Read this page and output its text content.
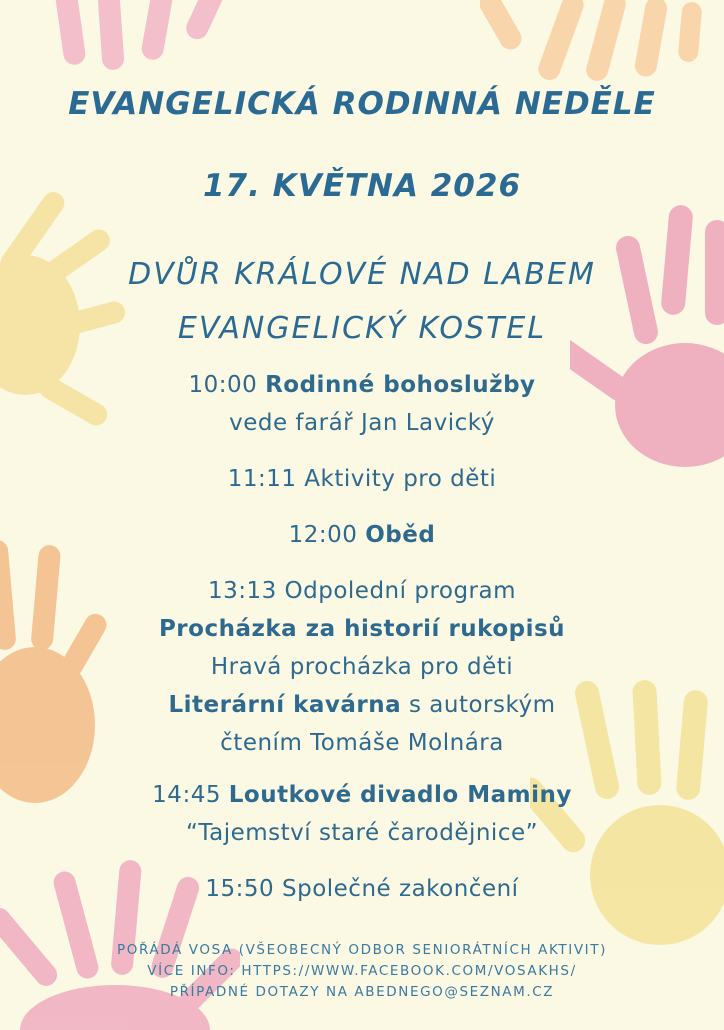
EVANGELICKÁ RODINNÁ NEDĚLE
17. KVĚTNA 2026
DVŮR KRÁLOVÉ NAD LABEM
EVANGELICKÝ KOSTEL

10:00 Rodinné bohoslužby

vede farář Jan Lavický

11:11 Aktivity pro děti

12:00 Oběd

13:13 Odpolední program

Procházka za historií rukopisů

Hravá procházka pro děti

Literární kavárna s autorským

čtením Tomáše Molnára

14:45 Loutkové divadlo Maminy

“Tajemství staré čarodějnice”

15:50 Společné zakončení

POŘÁDÁ VOSA (VŠEOBECNÝ ODBOR SENIORÁTNÍCH AKTIVIT)

VÍCE INFO: HTTPS://WWW.FACEBOOK.COM/VOSAKHS/

PŘÍPADNÉ DOTAZY NA ABEDNEGO@SEZNAM.CZ
